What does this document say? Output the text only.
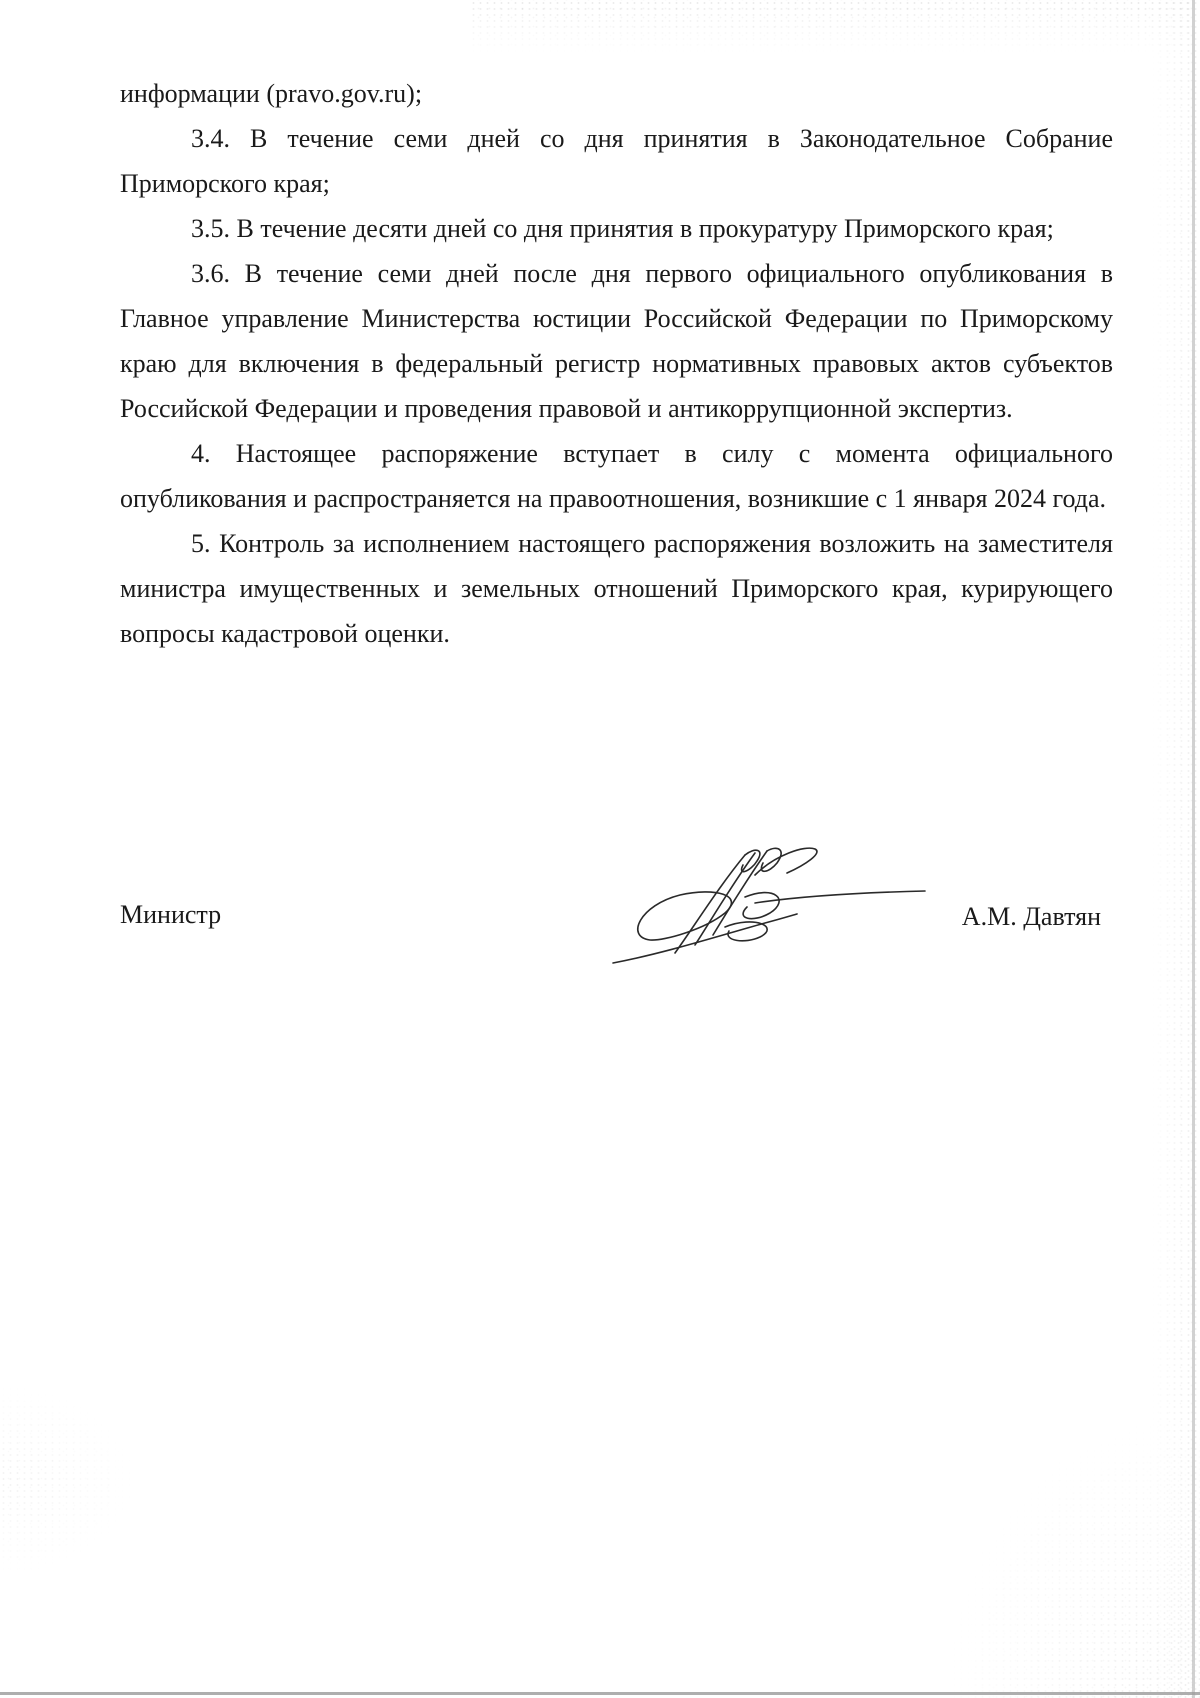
информации (pravo.gov.ru);

3.4. В течение семи дней со дня принятия в Законодательное Собрание Приморского края;

3.5. В течение десяти дней со дня принятия в прокуратуру Приморского края;

3.6. В течение семи дней после дня первого официального опубликования в Главное управление Министерства юстиции Российской Федерации по Приморскому краю для включения в федеральный регистр нормативных правовых актов субъектов Российской Федерации и проведения правовой и антикоррупционной экспертиз.

4. Настоящее распоряжение вступает в силу с момента официального опубликования и распространяется на правоотношения, возникшие с 1 января 2024 года.

5. Контроль за исполнением настоящего распоряжения возложить на заместителя министра имущественных и земельных отношений Приморского края, курирующего вопросы кадастровой оценки.

Министр	А.М. Давтян
